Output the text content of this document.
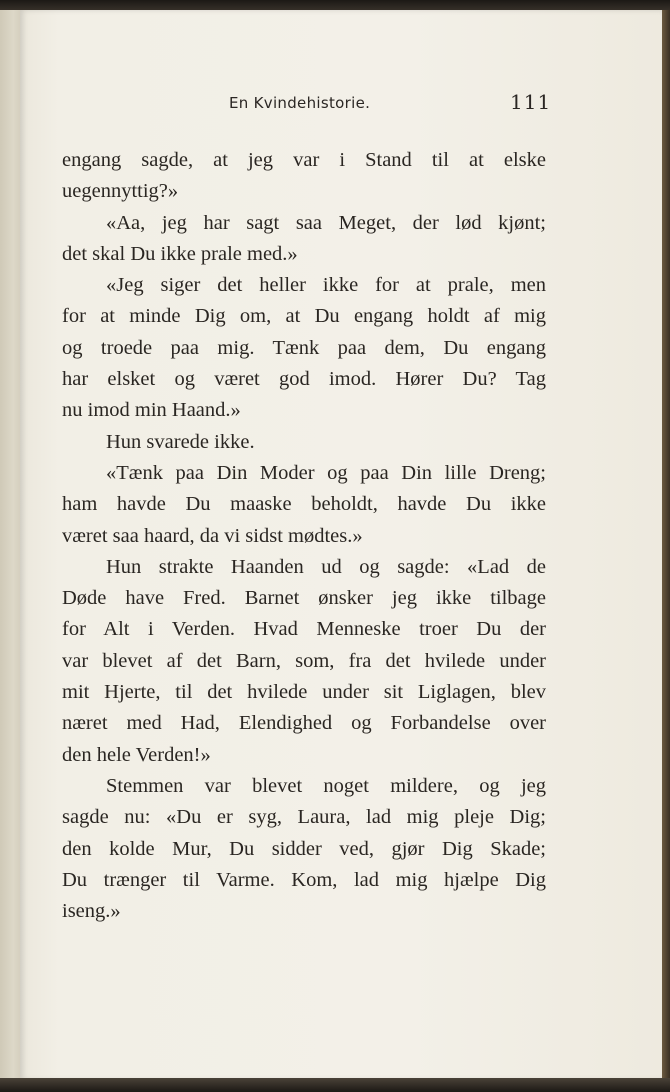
En Kvindehistorie.	111
engang sagde, at jeg var i Stand til at elske
uegennyttig?»
«Aa, jeg har sagt saa Meget, der lød kjønt;
det skal Du ikke prale med.»
«Jeg siger det heller ikke for at prale, men
for at minde Dig om, at Du engang holdt af mig
og troede paa mig. Tænk paa dem, Du engang
har elsket og været god imod. Hører Du? Tag
nu imod min Haand.»
Hun svarede ikke.
«Tænk paa Din Moder og paa Din lille Dreng;
ham havde Du maaske beholdt, havde Du ikke
været saa haard, da vi sidst mødtes.»
Hun strakte Haanden ud og sagde: «Lad de
Døde have Fred. Barnet ønsker jeg ikke tilbage
for Alt i Verden. Hvad Menneske troer Du der
var blevet af det Barn, som, fra det hvilede under
mit Hjerte, til det hvilede under sit Liglagen, blev
næret med Had, Elendighed og Forbandelse over
den hele Verden!»
Stemmen var blevet noget mildere, og jeg
sagde nu: «Du er syg, Laura, lad mig pleje Dig;
den kolde Mur, Du sidder ved, gjør Dig Skade;
Du trænger til Varme. Kom, lad mig hjælpe Dig
iseng.»
